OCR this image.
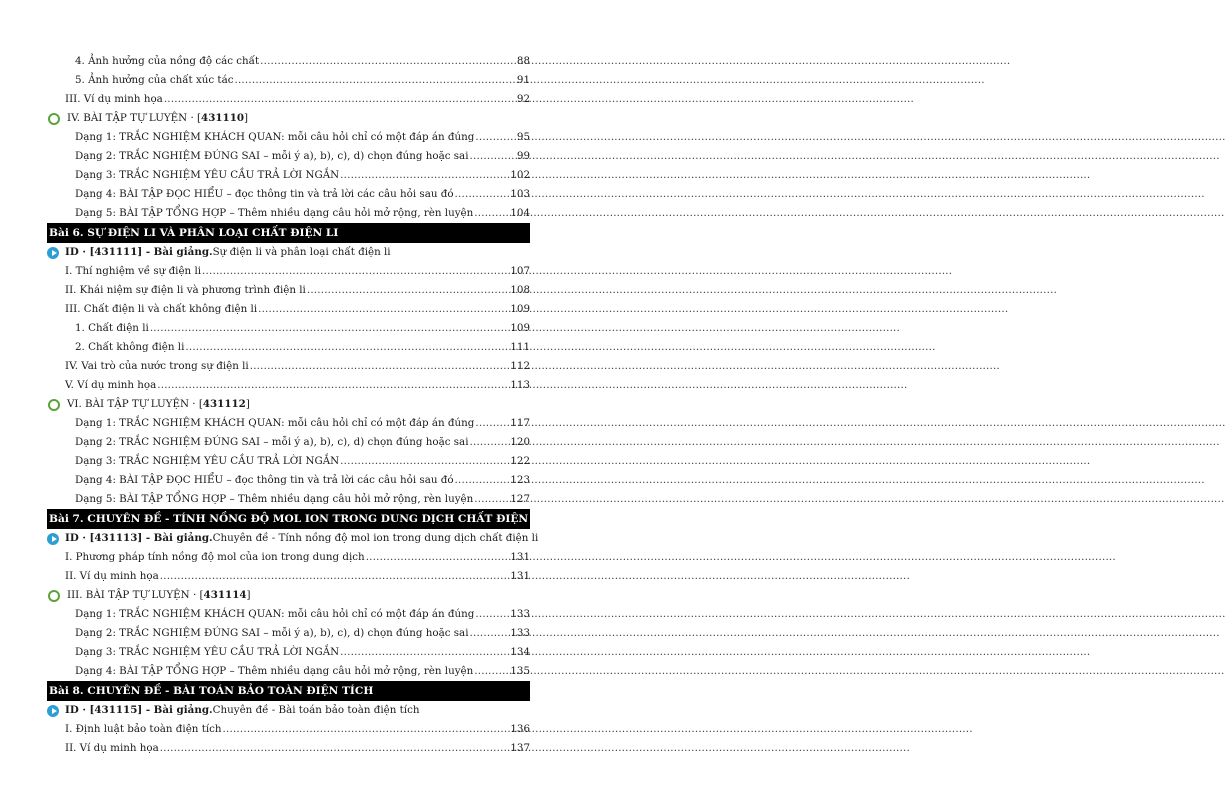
4. Ảnh hưởng của nồng độ các chất .....	88
5. Ảnh hưởng của chất xúc tác .....	91
III. Ví dụ minh họa .....	92
IV. BÀI TẬP TỰ LUYỆN · [ 431110 ]
Dạng 1: TRẮC NGHIỆM KHÁCH QUAN: mỗi câu hỏi chỉ có một đáp án đúng .....	95
Dạng 2: TRẮC NGHIỆM ĐÚNG SAI – mỗi ý a), b), c), d) chọn đúng hoặc sai .....	99
Dạng 3: TRẮC NGHIỆM YÊU CẦU TRẢ LỜI NGẮN .....	102
Dạng 4: BÀI TẬP ĐỌC HIỂU – đọc thông tin và trả lời các câu hỏi sau đó .....	103
Dạng 5: BÀI TẬP TỔNG HỢP – Thêm nhiều dạng câu hỏi mở rộng, rèn luyện .....	104
Bài 6. SỰ ĐIỆN LI VÀ PHÂN LOẠI CHẤT ĐIỆN LI
ID · [431111] - Bài giảng. Sự điện li và phân loại chất điện li
I. Thí nghiệm về sự điện li .....	107
II. Khái niệm sự điện li và phương trình điện li .....	108
III. Chất điện li và chất không điện li .....	109
1. Chất điện li .....	109
2. Chất không điện li .....	111
IV. Vai trò của nước trong sự điện li .....	112
V. Ví dụ minh họa .....	113
VI. BÀI TẬP TỰ LUYỆN · [ 431112 ]
Dạng 1: TRẮC NGHIỆM KHÁCH QUAN: mỗi câu hỏi chỉ có một đáp án đúng .....	117
Dạng 2: TRẮC NGHIỆM ĐÚNG SAI – mỗi ý a), b), c), d) chọn đúng hoặc sai .....	120
Dạng 3: TRẮC NGHIỆM YÊU CẦU TRẢ LỜI NGẮN .....	122
Dạng 4: BÀI TẬP ĐỌC HIỂU – đọc thông tin và trả lời các câu hỏi sau đó .....	123
Dạng 5: BÀI TẬP TỔNG HỢP – Thêm nhiều dạng câu hỏi mở rộng, rèn luyện .....	127
Bài 7. CHUYÊN ĐỀ - TÍNH NỒNG ĐỘ MOL ION TRONG DUNG DỊCH CHẤT ĐIỆN LI
ID · [431113] - Bài giảng. Chuyên đề - Tính nồng độ mol ion trong dung dịch chất điện li
I. Phương pháp tính nồng độ mol của ion trong dung dịch .....	131
II. Ví dụ minh họa .....	131
III. BÀI TẬP TỰ LUYỆN · [ 431114 ]
Dạng 1: TRẮC NGHIỆM KHÁCH QUAN: mỗi câu hỏi chỉ có một đáp án đúng .....	133
Dạng 2: TRẮC NGHIỆM ĐÚNG SAI – mỗi ý a), b), c), d) chọn đúng hoặc sai .....	133
Dạng 3: TRẮC NGHIỆM YÊU CẦU TRẢ LỜI NGẮN .....	134
Dạng 4: BÀI TẬP TỔNG HỢP – Thêm nhiều dạng câu hỏi mở rộng, rèn luyện .....	135
Bài 8. CHUYÊN ĐỀ - BÀI TOÁN BẢO TOÀN ĐIỆN TÍCH
ID · [431115] - Bài giảng. Chuyên đề - Bài toán bảo toàn điện tích
I. Định luật bảo toàn điện tích .....	136
II. Ví dụ minh họa .....	137
